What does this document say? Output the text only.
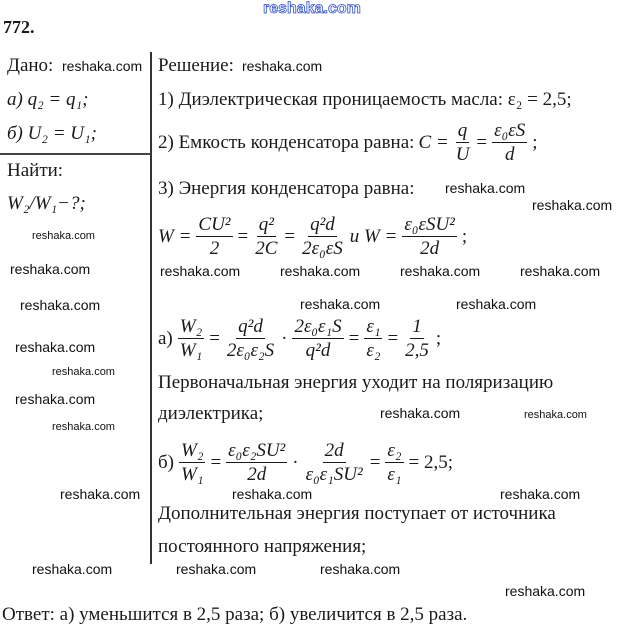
772.
Дано:
а) q₂ = q₁;
б) U₂ = U₁;
Найти:
W₂/W₁−?;
Решение:
1) Диэлектрическая проницаемость масла: ε₂ = 2,5;
2) Емкость конденсатора равна: $C = \frac{q}{U} = \frac{\text{ε₀εS}}{d}$ ;
3) Энергия конденсатора равна:
$W = \frac{\text{CU²}}{2} = \frac{\text{q²}}{2C} = \frac{\text{q²d}}{\text{2ε₀εS}}$ и $W = \frac{\text{ε₀εSU²}}{2d}$ ;
$а) \frac{\text{W₂}}{\text{W₁}} = \frac{\text{q²d}}{\text{2ε₀ε₂S}} \cdot \frac{\text{2ε₀ε₁S}}{\text{q²d}} = \frac{\text{ε₁}}{\text{ε₂}} = \frac{1}{2,5}$ ;
Первоначальная энергия уходит на поляризацию
диэлектрика;
$б) \frac{\text{W₂}}{\text{W₁}} = \frac{\text{ε₀ε₂SU²}}{2d} \cdot \frac{2d}{\text{ε₀ε₁SU²}} = \frac{\text{ε₂}}{\text{ε₁}} = 2,5$;
Дополнительная энергия поступает от источника
постоянного напряжения;
Ответ: а) уменьшится в 2,5 раза; б) увеличится в 2,5 раза.
reshaka.com
reshaka.com
reshaka.com
reshaka.com	reshaka.com
reshaka.com
reshaka.com
reshaka.com	reshaka.com
reshaka.com
reshaka.com
reshaka.com	reshaka.com	reshaka.com
reshaka.com
reshaka.com
reshaka.com
reshaka.com
reshaka.com
reshaka.com
reshaka.com	reshaka.com	reshaka.com
reshaka.com	reshaka.com	reshaka.com
reshaka.com
